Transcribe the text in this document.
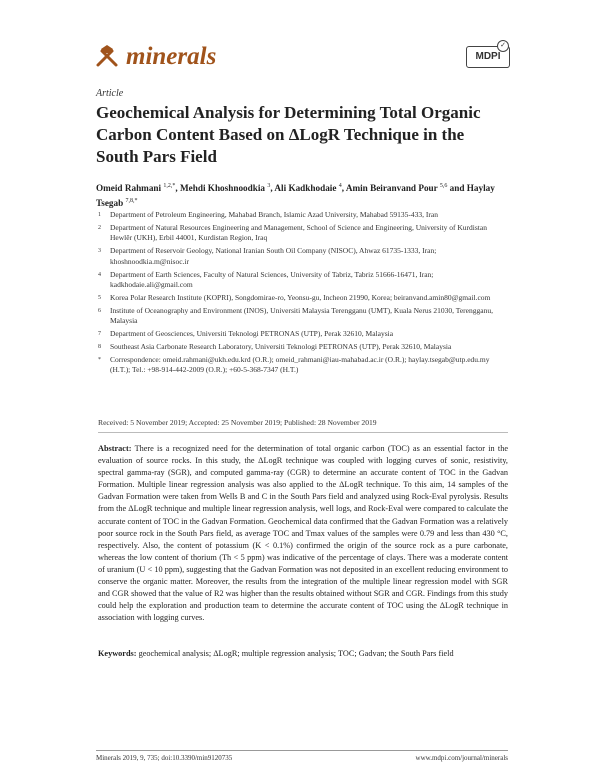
minerals	MDPI
✓
Article
Geochemical Analysis for Determining Total Organic Carbon Content Based on ΔLogR Technique in the South Pars Field
Omeid Rahmani $^{1,2,*}$, Mehdi Khoshnoodkia $^3$, Ali Kadkhodaie $^4$, Amin Beiranvand Pour $^{5,6}$ and Haylay Tsegab $^{7,8,*}$
1 Department of Petroleum Engineering, Mahabad Branch, Islamic Azad University, Mahabad 59135-433, Iran
2 Department of Natural Resources Engineering and Management, School of Science and Engineering, University of Kurdistan Hewlêr (UKH), Erbil 44001, Kurdistan Region, Iraq
3 Department of Reservoir Geology, National Iranian South Oil Company (NISOC), Ahwaz 61735-1333, Iran; khoshnoodkia.m@nisoc.ir
4 Department of Earth Sciences, Faculty of Natural Sciences, University of Tabriz, Tabriz 51666-16471, Iran; kadkhodaie.ali@gmail.com
5 Korea Polar Research Institute (KOPRI), Songdomirae-ro, Yeonsu-gu, Incheon 21990, Korea; beiranvand.amin80@gmail.com
6 Institute of Oceanography and Environment (INOS), Universiti Malaysia Terengganu (UMT), Kuala Nerus 21030, Terengganu, Malaysia
7 Department of Geosciences, Universiti Teknologi PETRONAS (UTP), Perak 32610, Malaysia
8 Southeast Asia Carbonate Research Laboratory, Universiti Teknologi PETRONAS (UTP), Perak 32610, Malaysia
* Correspondence: omeid.rahmani@ukh.edu.krd (O.R.); omeid_rahmani@iau-mahabad.ac.ir (O.R.); haylay.tsegab@utp.edu.my (H.T.); Tel.: +98-914-442-2009 (O.R.); +60-5-368-7347 (H.T.)
Received: 5 November 2019; Accepted: 25 November 2019; Published: 28 November 2019
Abstract: There is a recognized need for the determination of total organic carbon (TOC) as an essential factor in the evaluation of source rocks. In this study, the ΔLogR technique was coupled with logging curves of sonic, resistivity, spectral gamma-ray (SGR), and computed gamma-ray (CGR) to determine an accurate content of TOC in the Gadvan Formation. Multiple linear regression analysis was also applied to the ΔLogR technique. To this aim, 14 samples of the Gadvan Formation were taken from Wells B and C in the South Pars field and analyzed using Rock-Eval pyrolysis. Results from the ΔLogR technique and multiple linear regression analysis, well logs, and Rock-Eval were compared to calculate the accurate content of TOC in the Gadvan Formation. Geochemical data confirmed that the Gadvan Formation was a relatively poor source rock in the South Pars field, as average TOC and Tmax values of the samples were 0.79 and less than 430 °C, respectively. Also, the content of potassium (K < 0.1%) confirmed the origin of the source rock as a pure carbonate, whereas the low content of thorium (Th < 5 ppm) was indicative of the percentage of clays. There was a moderate content of uranium (U < 10 ppm), suggesting that the Gadvan Formation was not deposited in an excellent reducing environment to conserve the organic matter. Moreover, the results from the integration of the multiple linear regression model with SGR and CGR showed that the value of R2 was higher than the results obtained without SGR and CGR. Findings from this study could help the exploration and production team to determine the accurate content of TOC using the ΔLogR technique in association with logging curves.
Keywords: geochemical analysis; ΔLogR; multiple regression analysis; TOC; Gadvan; the South Pars field
Minerals 2019, 9, 735; doi:10.3390/min9120735	www.mdpi.com/journal/minerals
